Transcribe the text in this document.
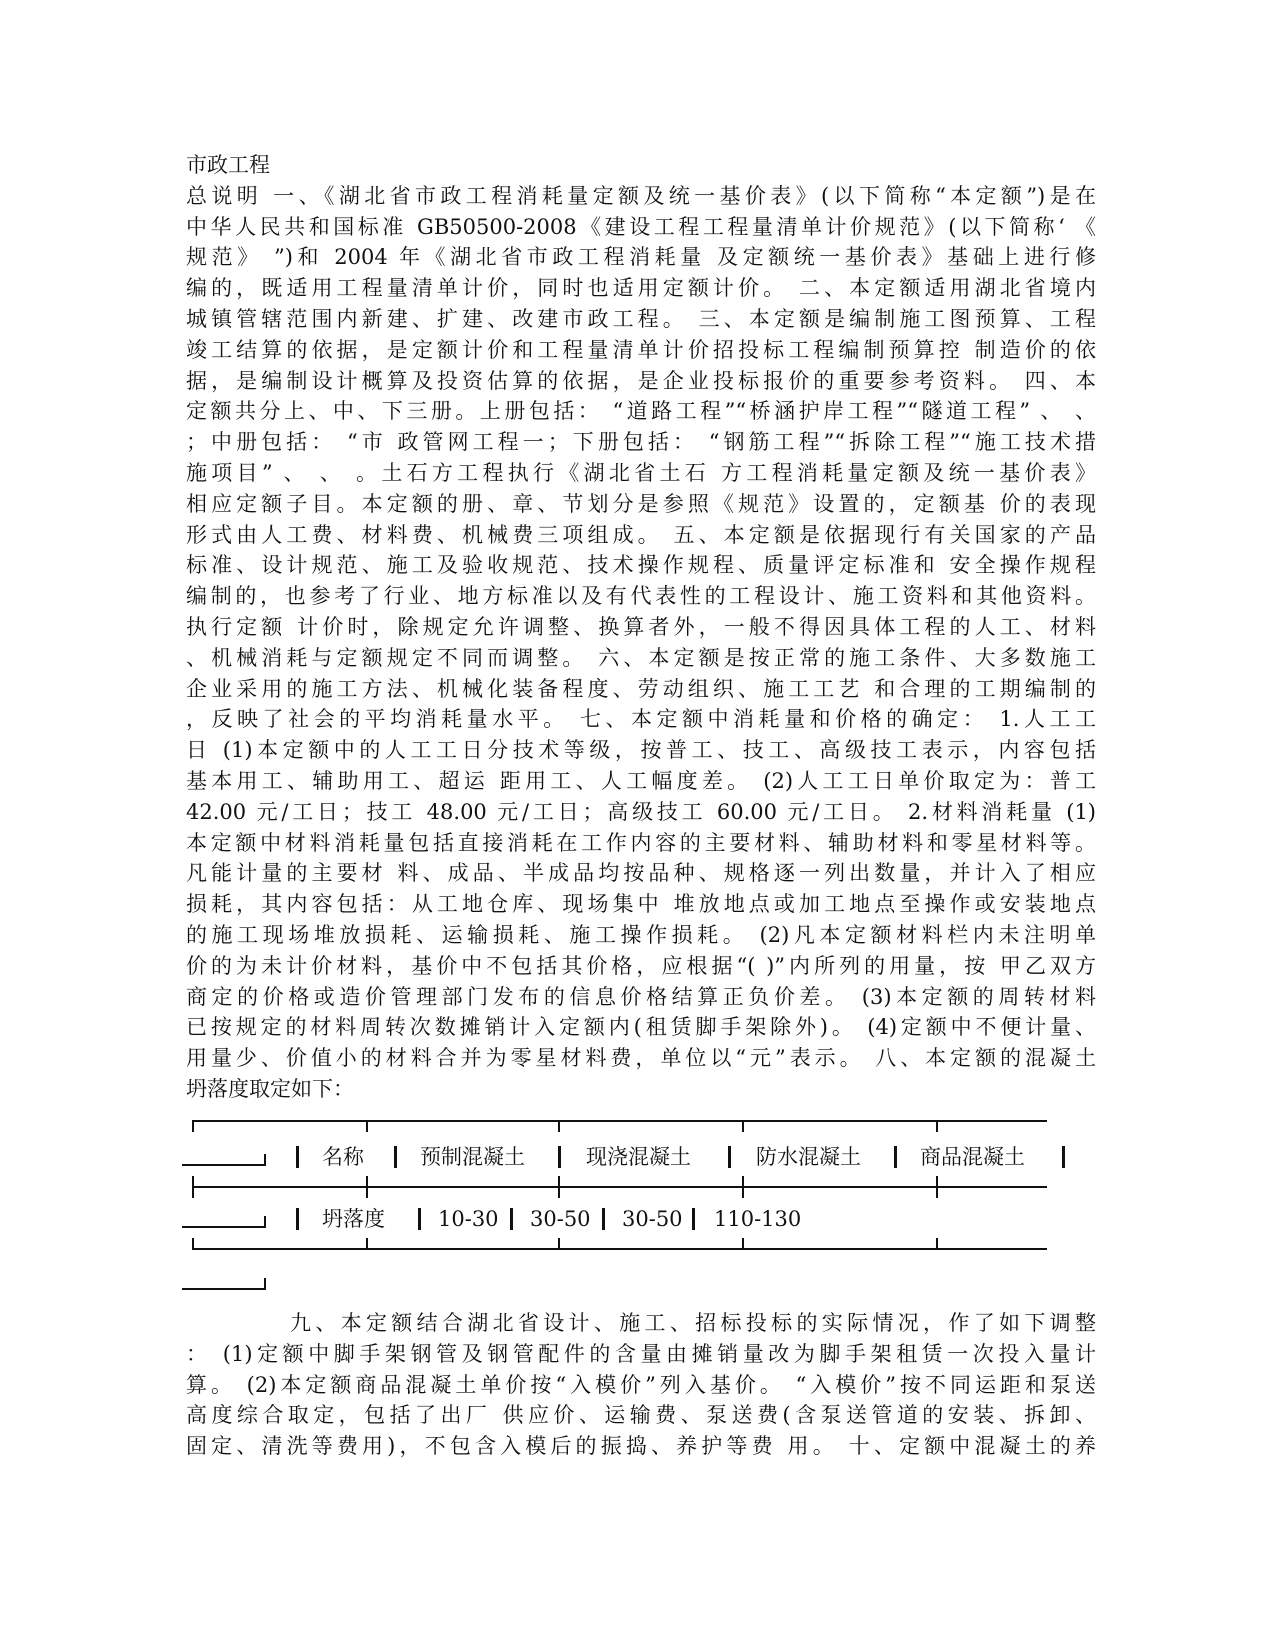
市政工程
总说明 一、《湖北省市政工程消耗量定额及统一基价表》(以下简称“本定额”)是在
中华人民共和国标准 GB50500-2008《建设工程工程量清单计价规范》(以下简称‘ 《
规范》 ”)和 2004 年《湖北省市政工程消耗量 及定额统一基价表》基础上进行修
编的，既适用工程量清单计价，同时也适用定额计价。 二、本定额适用湖北省境内
城镇管辖范围内新建、扩建、改建市政工程。 三、本定额是编制施工图预算、工程
竣工结算的依据，是定额计价和工程量清单计价招投标工程编制预算控 制造价的依
据，是编制设计概算及投资估算的依据，是企业投标报价的重要参考资料。 四、本
定额共分上、中、下三册。上册包括： “道路工程”“桥涵护岸工程”“隧道工程” 、 、
；中册包括： “市 政管网工程一；下册包括： “钢筋工程”“拆除工程”“施工技术措
施项目” 、 、 。土石方工程执行《湖北省土石 方工程消耗量定额及统一基价表》
相应定额子目。本定额的册、章、节划分是参照《规范》设置的，定额基 价的表现
形式由人工费、材料费、机械费三项组成。 五、本定额是依据现行有关国家的产品
标准、设计规范、施工及验收规范、技术操作规程、质量评定标准和 安全操作规程
编制的，也参考了行业、地方标准以及有代表性的工程设计、施工资料和其他资料。
执行定额 计价时，除规定允许调整、换算者外，一般不得因具体工程的人工、材料
、机械消耗与定额规定不同而调整。 六、本定额是按正常的施工条件、大多数施工
企业采用的施工方法、机械化装备程度、劳动组织、施工工艺 和合理的工期编制的
，反映了社会的平均消耗量水平。 七、本定额中消耗量和价格的确定： 1.人工工
日 (1)本定额中的人工工日分技术等级，按普工、技工、高级技工表示，内容包括
基本用工、辅助用工、超运 距用工、人工幅度差。 (2)人工工日单价取定为：普工
42.00 元/工日；技工 48.00 元/工日；高级技工 60.00 元/工日。 2.材料消耗量 (1)
本定额中材料消耗量包括直接消耗在工作内容的主要材料、辅助材料和零星材料等。
凡能计量的主要材 料、成品、半成品均按品种、规格逐一列出数量，并计入了相应
损耗，其内容包括：从工地仓库、现场集中 堆放地点或加工地点至操作或安装地点
的施工现场堆放损耗、运输损耗、施工操作损耗。 (2)凡本定额材料栏内未注明单
价的为未计价材料，基价中不包括其价格，应根据“( )”内所列的用量，按 甲乙双方
商定的价格或造价管理部门发布的信息价格结算正负价差。 (3)本定额的周转材料
已按规定的材料周转次数摊销计入定额内(租赁脚手架除外)。 (4)定额中不便计量、
用量少、价值小的材料合并为零星材料费，单位以“元”表示。 八、本定额的混凝土
坍落度取定如下：
名称	预制混凝土	现浇混凝土	防水混凝土	商品混凝土
坍落度	10-30 30-50 30-50 110-130
九、本定额结合湖北省设计、施工、招标投标的实际情况，作了如下调整
： (1)定额中脚手架钢管及钢管配件的含量由摊销量改为脚手架租赁一次投入量计
算。 (2)本定额商品混凝土单价按“入模价”列入基价。 “入模价”按不同运距和泵送
高度综合取定，包括了出厂 供应价、运输费、泵送费(含泵送管道的安装、拆卸、
固定、清洗等费用)，不包含入模后的振捣、养护等费 用。 十、定额中混凝土的养
